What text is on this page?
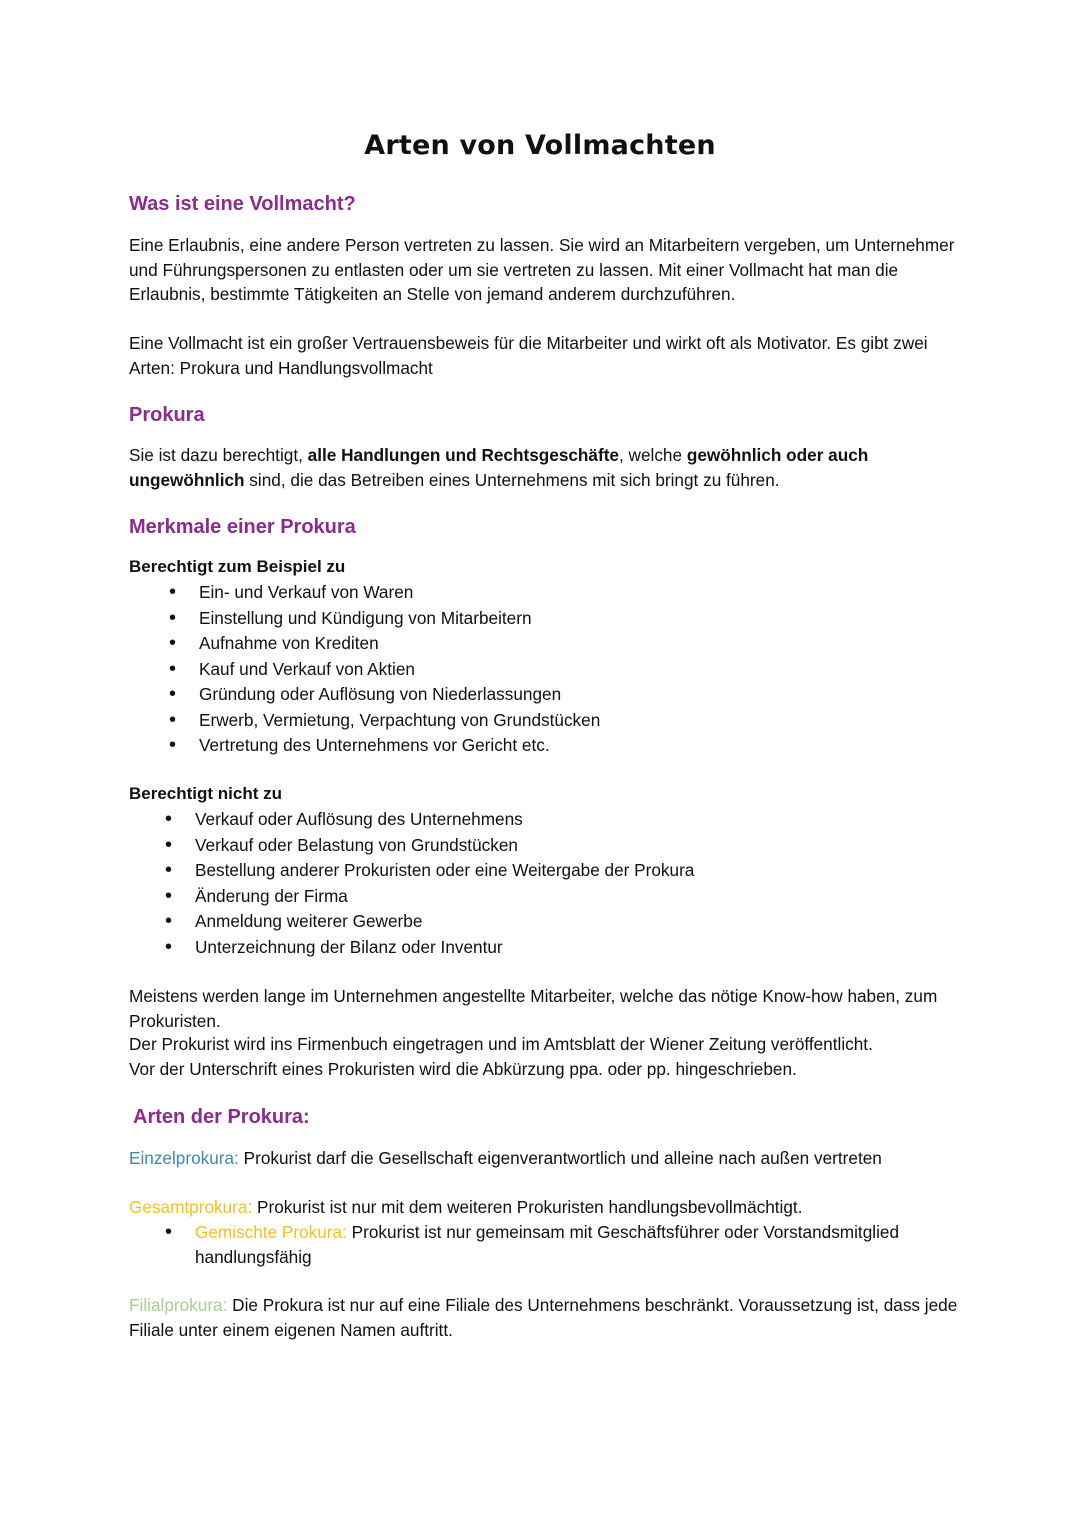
Arten von Vollmachten
Was ist eine Vollmacht?

Eine Erlaubnis, eine andere Person vertreten zu lassen. Sie wird an Mitarbeitern vergeben, um Unternehmer und Führungspersonen zu entlasten oder um sie vertreten zu lassen. Mit einer Vollmacht hat man die Erlaubnis, bestimmte Tätigkeiten an Stelle von jemand anderem durchzuführen.

Eine Vollmacht ist ein großer Vertrauensbeweis für die Mitarbeiter und wirkt oft als Motivator. Es gibt zwei Arten: Prokura und Handlungsvollmacht

Prokura

Sie ist dazu berechtigt, alle Handlungen und Rechtsgeschäfte, welche gewöhnlich oder auch ungewöhnlich sind, die das Betreiben eines Unternehmens mit sich bringt zu führen.

Merkmale einer Prokura

Berechtigt zum Beispiel zu

• Ein- und Verkauf von Waren
• Einstellung und Kündigung von Mitarbeitern
• Aufnahme von Krediten
• Kauf und Verkauf von Aktien
• Gründung oder Auflösung von Niederlassungen
• Erwerb, Vermietung, Verpachtung von Grundstücken
• Vertretung des Unternehmens vor Gericht etc.

Berechtigt nicht zu

• Verkauf oder Auflösung des Unternehmens
• Verkauf oder Belastung von Grundstücken
• Bestellung anderer Prokuristen oder eine Weitergabe der Prokura
• Änderung der Firma
• Anmeldung weiterer Gewerbe
• Unterzeichnung der Bilanz oder Inventur

Meistens werden lange im Unternehmen angestellte Mitarbeiter, welche das nötige Know-how haben, zum Prokuristen.

Der Prokurist wird ins Firmenbuch eingetragen und im Amtsblatt der Wiener Zeitung veröffentlicht.

Vor der Unterschrift eines Prokuristen wird die Abkürzung ppa. oder pp. hingeschrieben.

Arten der Prokura:

Einzelprokura: Prokurist darf die Gesellschaft eigenverantwortlich und alleine nach außen vertreten

Gesamtprokura: Prokurist ist nur mit dem weiteren Prokuristen handlungsbevollmächtigt.

•	Gemischte Prokura: Prokurist ist nur gemeinsam mit Geschäftsführer oder Vorstandsmitglied handlungsfähig

Filialprokura: Die Prokura ist nur auf eine Filiale des Unternehmens beschränkt. Voraussetzung ist, dass jede Filiale unter einem eigenen Namen auftritt.
